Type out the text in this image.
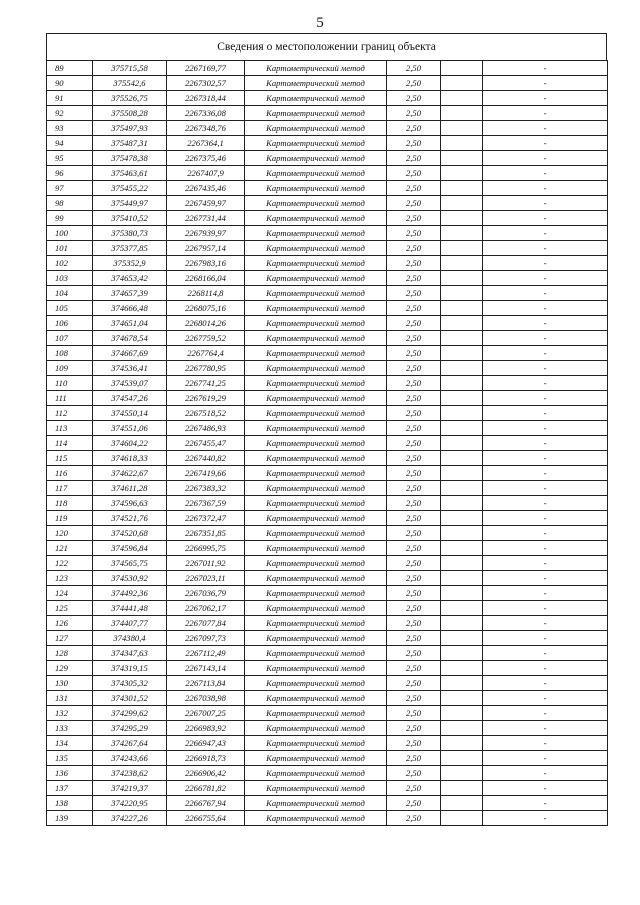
5
Сведения о местоположении границ объекта
89	375715,58	2267169,77	Картометрический метод	2,50		-
90	375542,6	2267302,57	Картометрический метод	2,50		-
91	375526,75	2267318,44	Картометрический метод	2,50		-
92	375508,28	2267336,08	Картометрический метод	2,50		-
93	375497,93	2267348,76	Картометрический метод	2,50		-
94	375487,31	2267364,1	Картометрический метод	2,50		-
95	375478,38	2267375,46	Картометрический метод	2,50		-
96	375463,61	2267407,9	Картометрический метод	2,50		-
97	375455,22	2267435,46	Картометрический метод	2,50		-
98	375449,97	2267459,97	Картометрический метод	2,50		-
99	375410,52	2267731,44	Картометрический метод	2,50		-
100	375380,73	2267939,97	Картометрический метод	2,50		-
101	375377,85	2267957,14	Картометрический метод	2,50		-
102	375352,9	2267983,16	Картометрический метод	2,50		-
103	374653,42	2268166,04	Картометрический метод	2,50		-
104	374657,39	2268114,8	Картометрический метод	2,50		-
105	374666,48	2268075,16	Картометрический метод	2,50		-
106	374651,04	2268014,26	Картометрический метод	2,50		-
107	374678,54	2267759,52	Картометрический метод	2,50		-
108	374667,69	2267764,4	Картометрический метод	2,50		-
109	374536,41	2267780,95	Картометрический метод	2,50		-
110	374539,07	2267741,25	Картометрический метод	2,50		-
111	374547,26	2267619,29	Картометрический метод	2,50		-
112	374550,14	2267518,52	Картометрический метод	2,50		-
113	374551,06	2267486,93	Картометрический метод	2,50		-
114	374604,22	2267455,47	Картометрический метод	2,50		-
115	374618,33	2267440,82	Картометрический метод	2,50		-
116	374622,67	2267419,66	Картометрический метод	2,50		-
117	374611,28	2267383,32	Картометрический метод	2,50		-
118	374596,63	2267367,59	Картометрический метод	2,50		-
119	374521,76	2267372,47	Картометрический метод	2,50		-
120	374520,68	2267351,85	Картометрический метод	2,50		-
121	374596,84	2266995,75	Картометрический метод	2,50		-
122	374565,75	2267011,92	Картометрический метод	2,50		-
123	374530,92	2267023,11	Картометрический метод	2,50		-
124	374492,36	2267036,79	Картометрический метод	2,50		-
125	374441,48	2267062,17	Картометрический метод	2,50		-
126	374407,77	2267077,84	Картометрический метод	2,50		-
127	374380,4	2267097,73	Картометрический метод	2,50		-
128	374347,63	2267112,49	Картометрический метод	2,50		-
129	374319,15	2267143,14	Картометрический метод	2,50		-
130	374305,32	2267113,84	Картометрический метод	2,50		-
131	374301,52	2267038,98	Картометрический метод	2,50		-
132	374299,62	2267007,25	Картометрический метод	2,50		-
133	374295,29	2266983,92	Картометрический метод	2,50		-
134	374267,64	2266947,43	Картометрический метод	2,50		-
135	374243,66	2266918,73	Картометрический метод	2,50		-
136	374238,62	2266906,42	Картометрический метод	2,50		-
137	374219,37	2266781,82	Картометрический метод	2,50		-
138	374220,95	2266767,94	Картометрический метод	2,50		-
139	374227,26	2266755,64	Картометрический метод	2,50		-
